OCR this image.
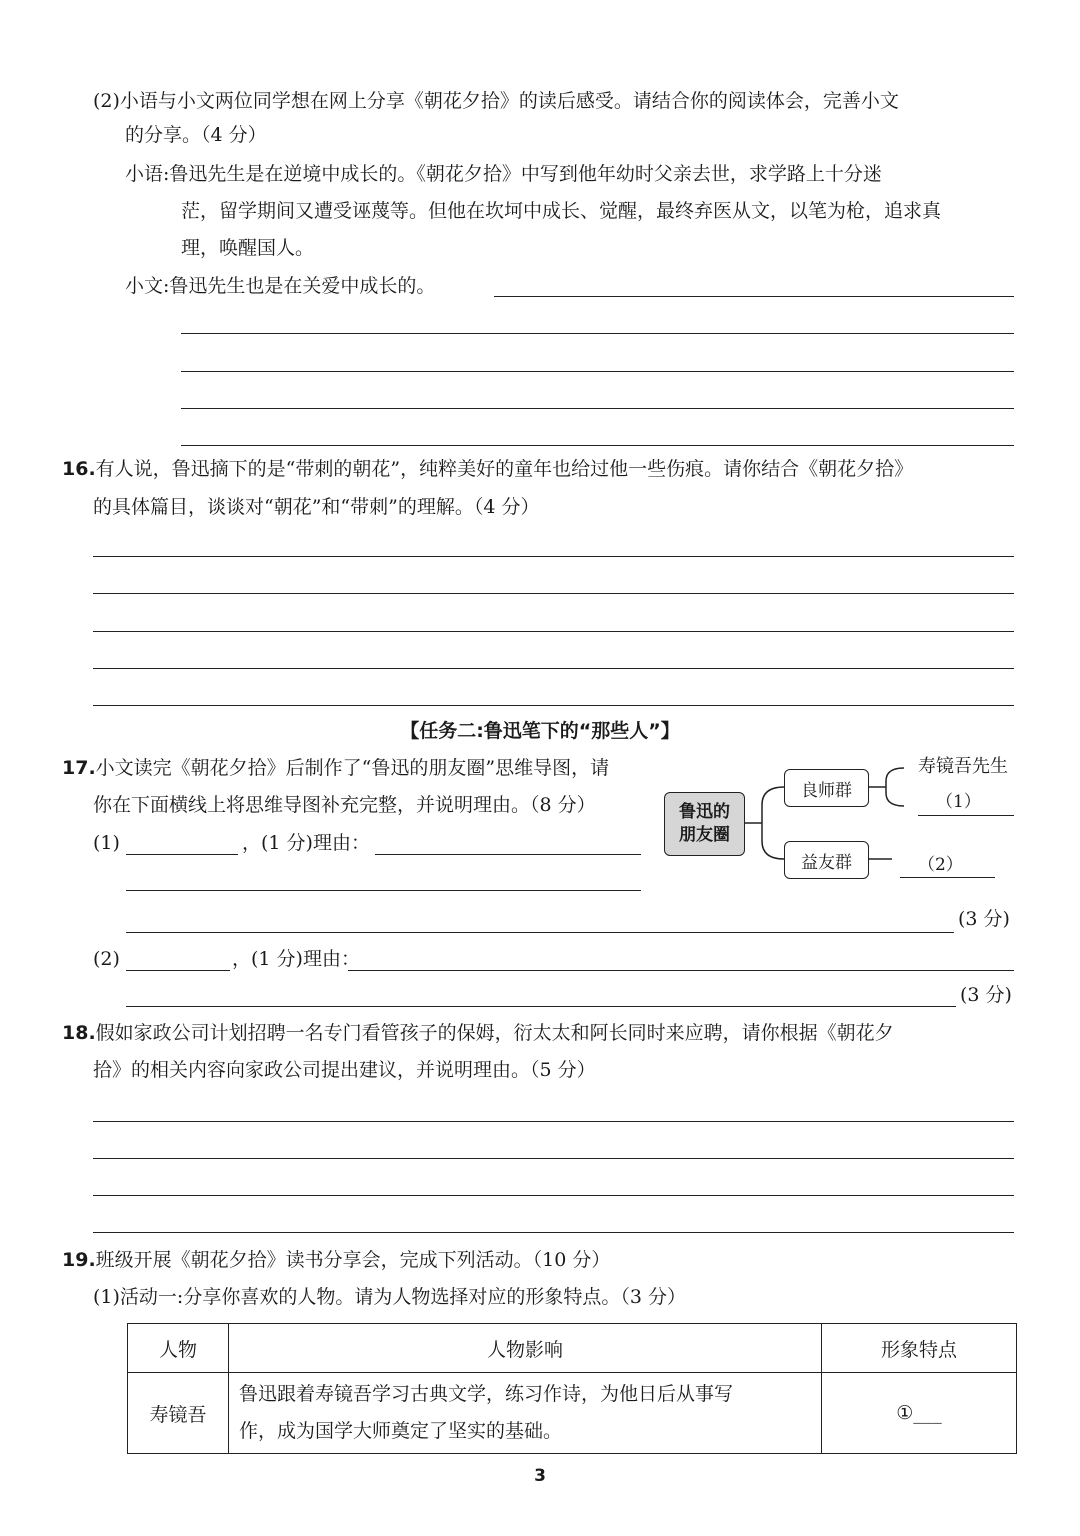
(2)小语与小文两位同学想在网上分享《朝花夕拾》的读后感受。请结合你的阅读体会，完善小文
的分享。（4 分）
小语:鲁迅先生是在逆境中成长的。《朝花夕拾》中写到他年幼时父亲去世，求学路上十分迷
茫，留学期间又遭受诬蔑等。但他在坎坷中成长、觉醒，最终弃医从文，以笔为枪，追求真
理，唤醒国人。
小文:鲁迅先生也是在关爱中成长的。
16.有人说，鲁迅摘下的是“带刺的朝花”，纯粹美好的童年也给过他一些伤痕。请你结合《朝花夕拾》
的具体篇目，谈谈对“朝花”和“带刺”的理解。（4 分）
【任务二:鲁迅笔下的“那些人”】
17.小文读完《朝花夕拾》后制作了“鲁迅的朋友圈”思维导图，请
你在下面横线上将思维导图补充完整，并说明理由。（8 分）
(1)	，(1 分)理由：
(3 分)
(2)	，(1 分)理由：
(3 分)
鲁迅的
朋友圈
良师群
益友群
寿镜吾先生
（1）
（2）
18.假如家政公司计划招聘一名专门看管孩子的保姆，衍太太和阿长同时来应聘，请你根据《朝花夕
拾》的相关内容向家政公司提出建议，并说明理由。（5 分）
19.班级开展《朝花夕拾》读书分享会，完成下列活动。（10 分）
(1)活动一:分享你喜欢的人物。请为人物选择对应的形象特点。（3 分）
人物	人物影响	形象特点
寿镜吾	鲁迅跟着寿镜吾学习古典文学，练习作诗，为他日后从事写
作，成为国学大师奠定了坚实的基础。	①___
3
